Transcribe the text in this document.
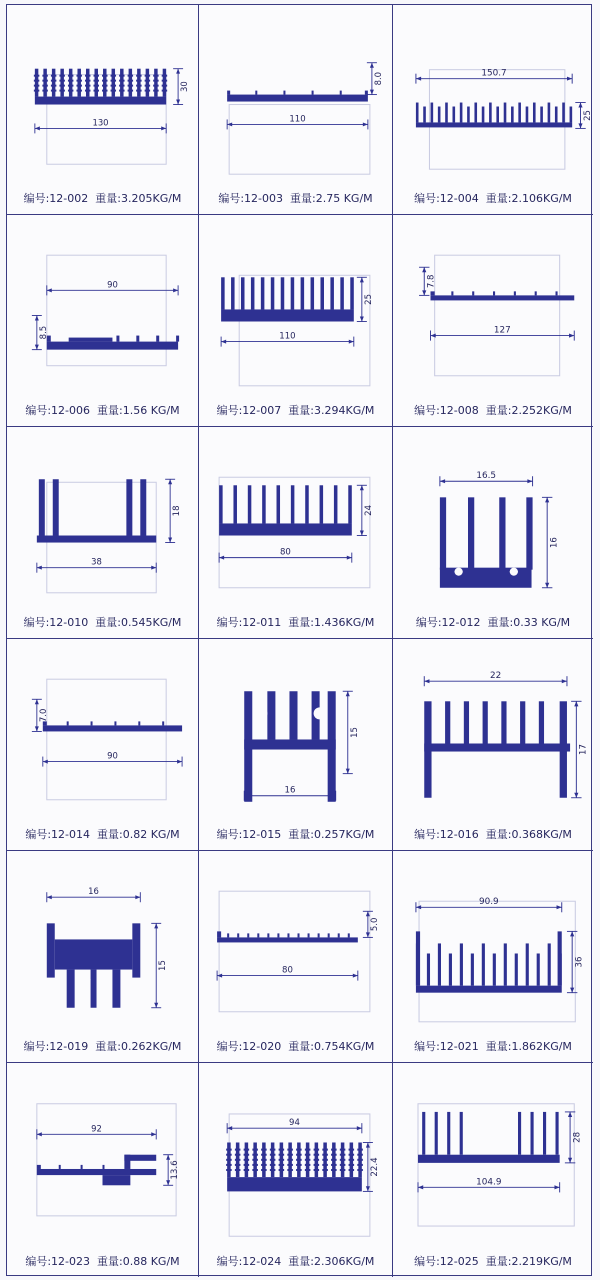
130
30
编号:12-002 重量:3.205KG/M
110
8.0
编号:12-003 重量:2.75 KG/M
150.7
25
编号:12-004 重量:2.106KG/M
90
8.5
编号:12-006 重量:1.56 KG/M
110
25
编号:12-007 重量:3.294KG/M
127
7.8
编号:12-008 重量:2.252KG/M
38
18
编号:12-010 重量:0.545KG/M
80
24
编号:12-011 重量:1.436KG/M
16.5
16
编号:12-012 重量:0.33 KG/M
90
7.0
编号:12-014 重量:0.82 KG/M
16
15
编号:12-015 重量:0.257KG/M
22
17
编号:12-016 重量:0.368KG/M
16
15
编号:12-019 重量:0.262KG/M
80
5.0
编号:12-020 重量:0.754KG/M
90.9
36
编号:12-021 重量:1.862KG/M
92
13.6
编号:12-023 重量:0.88 KG/M
94
22.4
编号:12-024 重量:2.306KG/M
104.9
28
编号:12-025 重量:2.219KG/M
